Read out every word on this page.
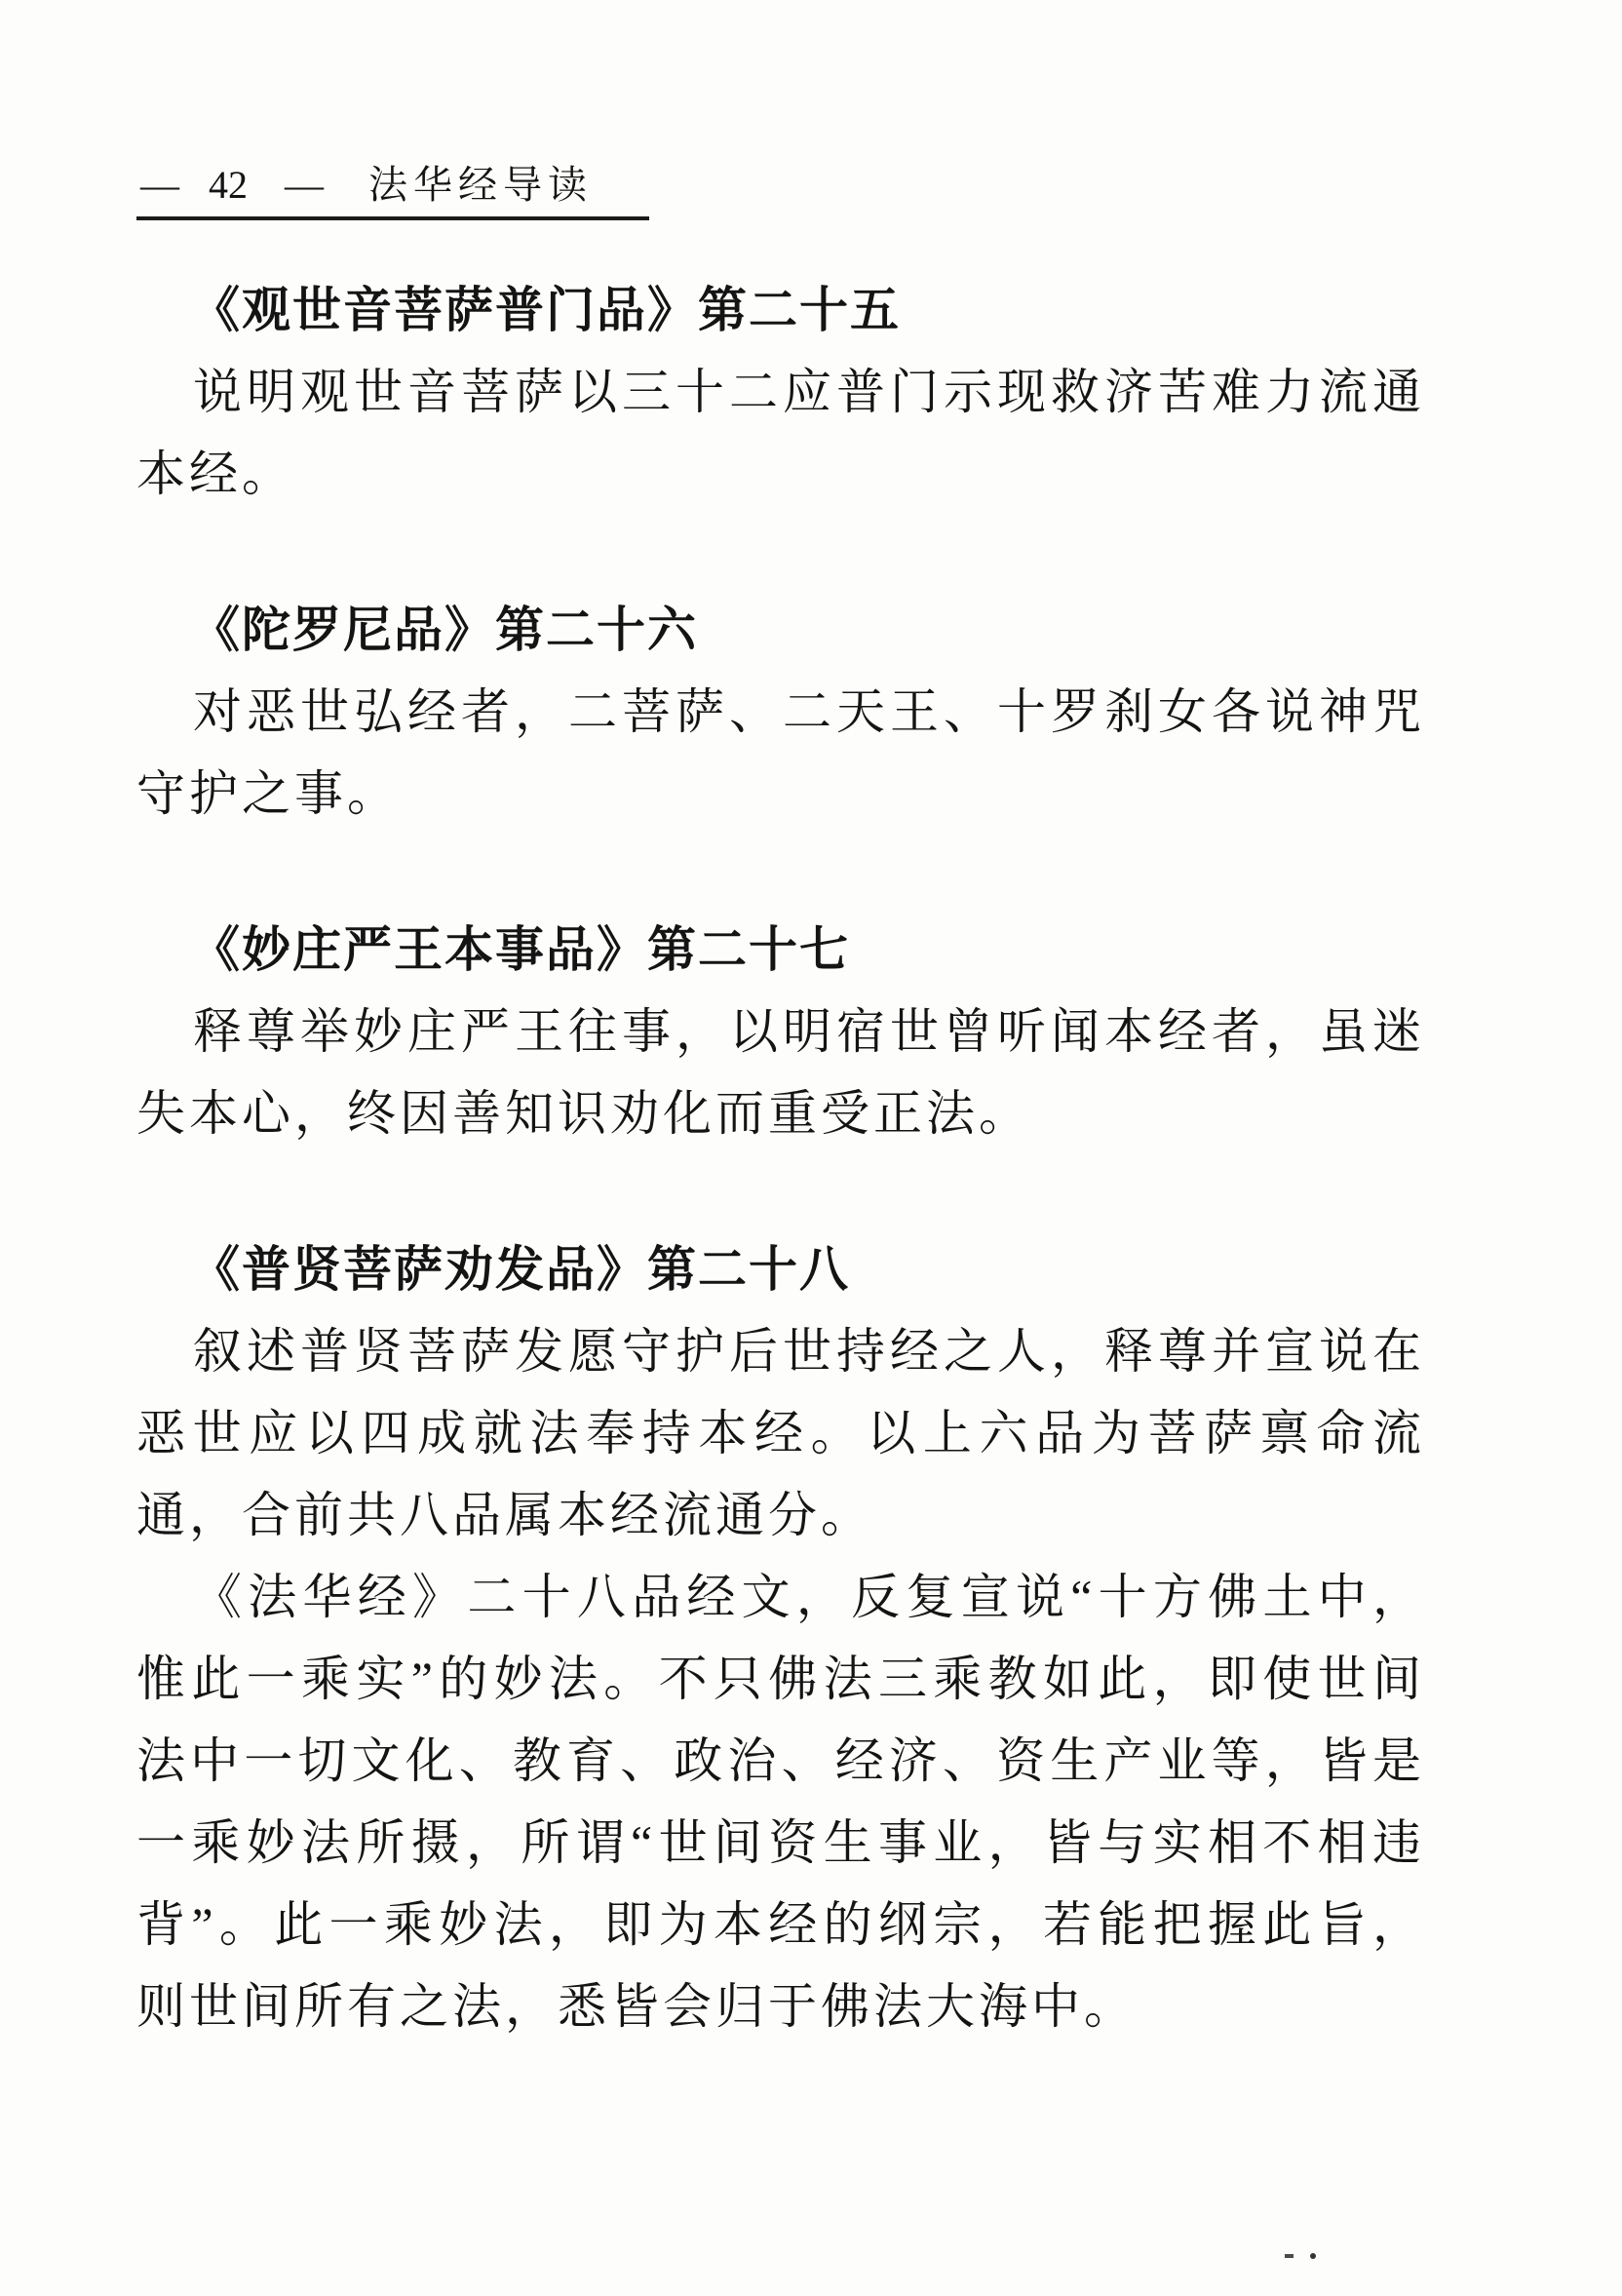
— 42 — 法华经导读
《观世音菩萨普门品》第二十五

说明观世音菩萨以三十二应普门示现救济苦难力流通本经。

《陀罗尼品》第二十六

对恶世弘经者，二菩萨、二天王、十罗刹女各说神咒守护之事。

《妙庄严王本事品》第二十七

释尊举妙庄严王往事，以明宿世曾听闻本经者，虽迷失本心，终因善知识劝化而重受正法。

《普贤菩萨劝发品》第二十八

叙述普贤菩萨发愿守护后世持经之人，释尊并宣说在恶世应以四成就法奉持本经。以上六品为菩萨禀命流通，合前共八品属本经流通分。

《法华经》二十八品经文，反复宣说“十方佛土中，惟此一乘实”的妙法。不只佛法三乘教如此，即使世间法中一切文化、教育、政治、经济、资生产业等，皆是一乘妙法所摄，所谓“世间资生事业，皆与实相不相违背”。此一乘妙法，即为本经的纲宗，若能把握此旨，则世间所有之法，悉皆会归于佛法大海中。
